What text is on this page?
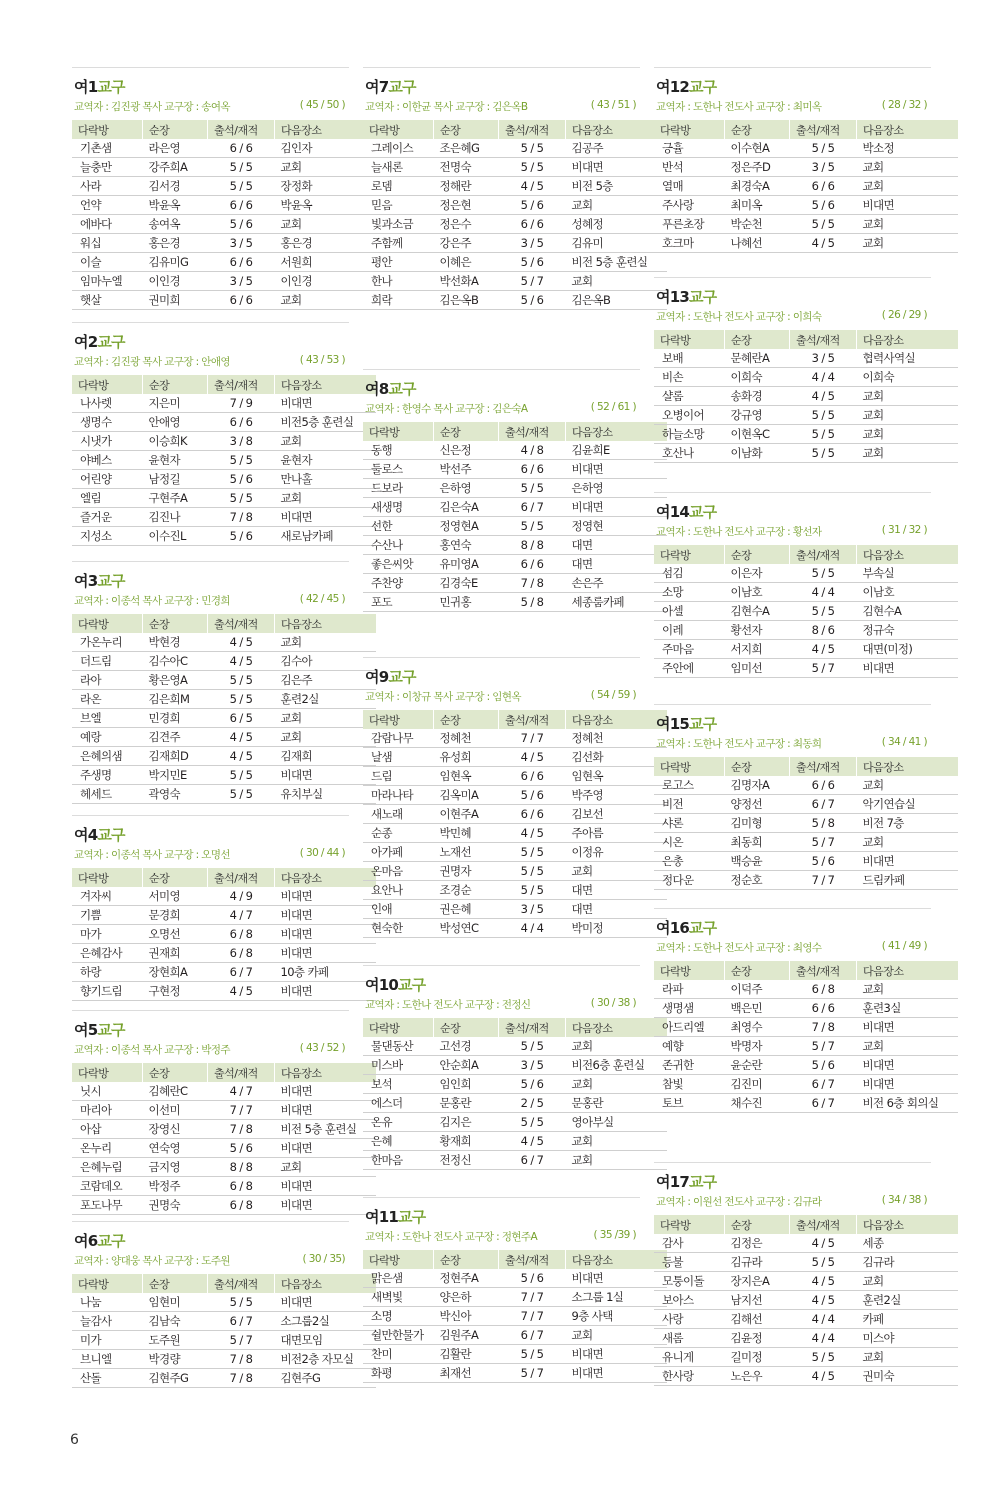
여1교구
교역자 : 김진광 목사 교구장 : 송여옥	( 45 / 50 )
다락방	순장	출석/재적	다음장소
기촌샘	라은영	6 / 6	김인자
늘충만	강주희A	5 / 5	교회
사라	김서경	5 / 5	장정화
언약	박윤옥	6 / 6	박윤옥
에바다	송여옥	5 / 6	교회
워십	홍은경	3 / 5	홍은경
이슬	김유미G	6 / 6	서원희
임마누엘	이인경	3 / 5	이인경
햇살	권미희	6 / 6	교회
여2교구
교역자 : 김진광 목사 교구장 : 안애영	( 43 / 53 )
다락방	순장	출석/재적	다음장소
나사렛	지은미	7 / 9	비대면
생명수	안애영	6 / 6	비전5층 훈련실
시냇가	이승희K	3 / 8	교회
야베스	윤현자	5 / 5	윤현자
어린양	남정길	5 / 6	만나홀
엘림	구현주A	5 / 5	교회
즐거운	김진나	7 / 8	비대면
지성소	이수진L	5 / 6	새로남카페
여3교구
교역자 : 이종석 목사 교구장 : 민경희	( 42 / 45 )
다락방	순장	출석/재적	다음장소
가온누리	박현경	4 / 5	교회
더드림	김수아C	4 / 5	김수아
라아	황은영A	5 / 5	김은주
라온	김은희M	5 / 5	훈련2실
브엘	민경희	6 / 5	교회
예랑	김견주	4 / 5	교회
은혜의샘	김재희D	4 / 5	김재희
주생명	박지민E	5 / 5	비대면
헤세드	곽영숙	5 / 5	유치부실
여4교구
교역자 : 이종석 목사 교구장 : 오명선	( 30 / 44 )
다락방	순장	출석/재적	다음장소
겨자씨	서미영	4 / 9	비대면
기쁨	문경희	4 / 7	비대면
마가	오명선	6 / 8	비대면
은혜감사	권재희	6 / 8	비대면
하랑	장현희A	6 / 7	10층 카페
향기드림	구현정	4 / 5	비대면
여5교구
교역자 : 이종석 목사 교구장 : 박정주	( 43 / 52 )
다락방	순장	출석/재적	다음장소
닛시	김혜란C	4 / 7	비대면
마리아	이선미	7 / 7	비대면
아삽	장영신	7 / 8	비전 5층 훈련실
온누리	연숙영	5 / 6	비대면
은혜누림	금지영	8 / 8	교회
코람데오	박정주	6 / 8	비대면
포도나무	권명숙	6 / 8	비대면
여6교구
교역자 : 양대웅 목사 교구장 : 도주원	( 30 / 35)
다락방	순장	출석/재적	다음장소
나눔	임현미	5 / 5	비대면
늘감사	김남숙	6 / 7	소그룹2실
미가	도주원	5 / 7	대면모임
브니엘	박경량	7 / 8	비전2층 자모실
산돌	김현주G	7 / 8	김현주G
여7교구
교역자 : 이한균 목사 교구장 : 김은옥B	( 43 / 51 )
다락방	순장	출석/재적	다음장소
그레이스	조은혜G	5 / 5	김공주
늘새론	전명숙	5 / 5	비대면
로뎀	정해란	4 / 5	비전 5층
믿음	정은현	5 / 6	교회
빛과소금	정은수	6 / 6	성혜정
주함께	강은주	3 / 5	김유미
평안	이혜은	5 / 6	비전 5층 훈련실
한나	박선화A	5 / 7	교회
희락	김은옥B	5 / 6	김은옥B
여8교구
교역자 : 한영수 목사 교구장 : 김은숙A	( 52 / 61 )
다락방	순장	출석/재적	다음장소
동행	신은정	4 / 8	김윤희E
둘로스	박선주	6 / 6	비대면
드보라	은하영	5 / 5	은하영
새생명	김은숙A	6 / 7	비대면
선한	정영현A	5 / 5	정영현
수산나	홍연숙	8 / 8	대면
좋은씨앗	유미영A	6 / 6	대면
주찬양	김경숙E	7 / 8	손은주
포도	민귀홍	5 / 8	세종룸카페
여9교구
교역자 : 이창규 목사 교구장 : 임현옥	( 54 / 59 )
다락방	순장	출석/재적	다음장소
감람나무	정혜천	7 / 7	정혜천
날샘	유성희	4 / 5	김선화
드림	임현옥	6 / 6	임현옥
마라나타	김옥미A	5 / 6	박주영
새노래	이현주A	6 / 6	김보선
순종	박민혜	4 / 5	주아름
아가페	노재선	5 / 5	이정유
온마음	권명자	5 / 5	교회
요안나	조경순	5 / 5	대면
인애	권은혜	3 / 5	대면
현숙한	박성연C	4 / 4	박미정
여10교구
교역자 : 도한나 전도사 교구장 : 전정신	( 30 / 38 )
다락방	순장	출석/재적	다음장소
물댄동산	고선경	5 / 5	교회
미스바	안순희A	3 / 5	비전6층 훈련실
보석	임인희	5 / 6	교회
에스더	문홍란	2 / 5	문홍란
온유	김지은	5 / 5	영아부실
은혜	황재희	4 / 5	교회
한마음	전정신	6 / 7	교회
여11교구
교역자 : 도한나 전도사 교구장 : 정현주A	( 35 /39 )
다락방	순장	출석/재적	다음장소
맑은샘	정현주A	5 / 6	비대면
새벽빛	양은하	7 / 7	소그룹 1실
소명	박신아	7 / 7	9층 사택
쉴만한물가	김원주A	6 / 7	교회
찬미	김활란	5 / 5	비대면
화평	최재선	5 / 7	비대면
여12교구
교역자 : 도한나 전도사 교구장 : 최미옥	( 28 / 32 )
다락방	순장	출석/재적	다음장소
긍휼	이수현A	5 / 5	박소정
반석	정은주D	3 / 5	교회
열매	최경숙A	6 / 6	교회
주사랑	최미옥	5 / 6	비대면
푸른초장	박순천	5 / 5	교회
호크마	나혜선	4 / 5	교회
여13교구
교역자 : 도한나 전도사 교구장 : 이희숙	( 26 / 29 )
다락방	순장	출석/재적	다음장소
보배	문혜란A	3 / 5	협력사역실
비손	이희숙	4 / 4	이희숙
샬롬	송화경	4 / 5	교회
오병이어	강규영	5 / 5	교회
하늘소망	이현옥C	5 / 5	교회
호산나	이남화	5 / 5	교회
여14교구
교역자 : 도한나 전도사 교구장 : 황선자	( 31 / 32 )
다락방	순장	출석/재적	다음장소
섬김	이은자	5 / 5	부속실
소망	이남호	4 / 4	이남호
아셀	김현수A	5 / 5	김현수A
이레	황선자	8 / 6	정규숙
주마음	서지희	4 / 5	대면(미정)
주안에	임미선	5 / 7	비대면
여15교구
교역자 : 도한나 전도사 교구장 : 최동희	( 34 / 41 )
다락방	순장	출석/재적	다음장소
로고스	김명자A	6 / 6	교회
비전	양정선	6 / 7	악기연습실
샤론	김미형	5 / 8	비전 7층
시온	최동희	5 / 7	교회
은총	백승윤	5 / 6	비대면
정다운	정순호	7 / 7	드림카페
여16교구
교역자 : 도한나 전도사 교구장 : 최영수	( 41 / 49 )
다락방	순장	출석/재적	다음장소
라파	이덕주	6 / 8	교회
생명샘	백은민	6 / 6	훈련3실
아드리엘	최영수	7 / 8	비대면
예향	박명자	5 / 7	교회
존귀한	윤순란	5 / 6	비대면
참빛	김진미	6 / 7	비대면
토브	채수진	6 / 7	비전 6층 회의실
여17교구
교역자 : 이원선 전도사 교구장 : 김규라	( 34 / 38 )
다락방	순장	출석/재적	다음장소
감사	김정은	4 / 5	세종
등불	김규라	5 / 5	김규라
모퉁이돌	장지은A	4 / 5	교회
보아스	남지선	4 / 5	훈련2실
사랑	김해선	4 / 4	카페
새롬	김윤정	4 / 4	미스야
유니게	길미정	5 / 5	교회
한사랑	노은우	4 / 5	권미숙
6
